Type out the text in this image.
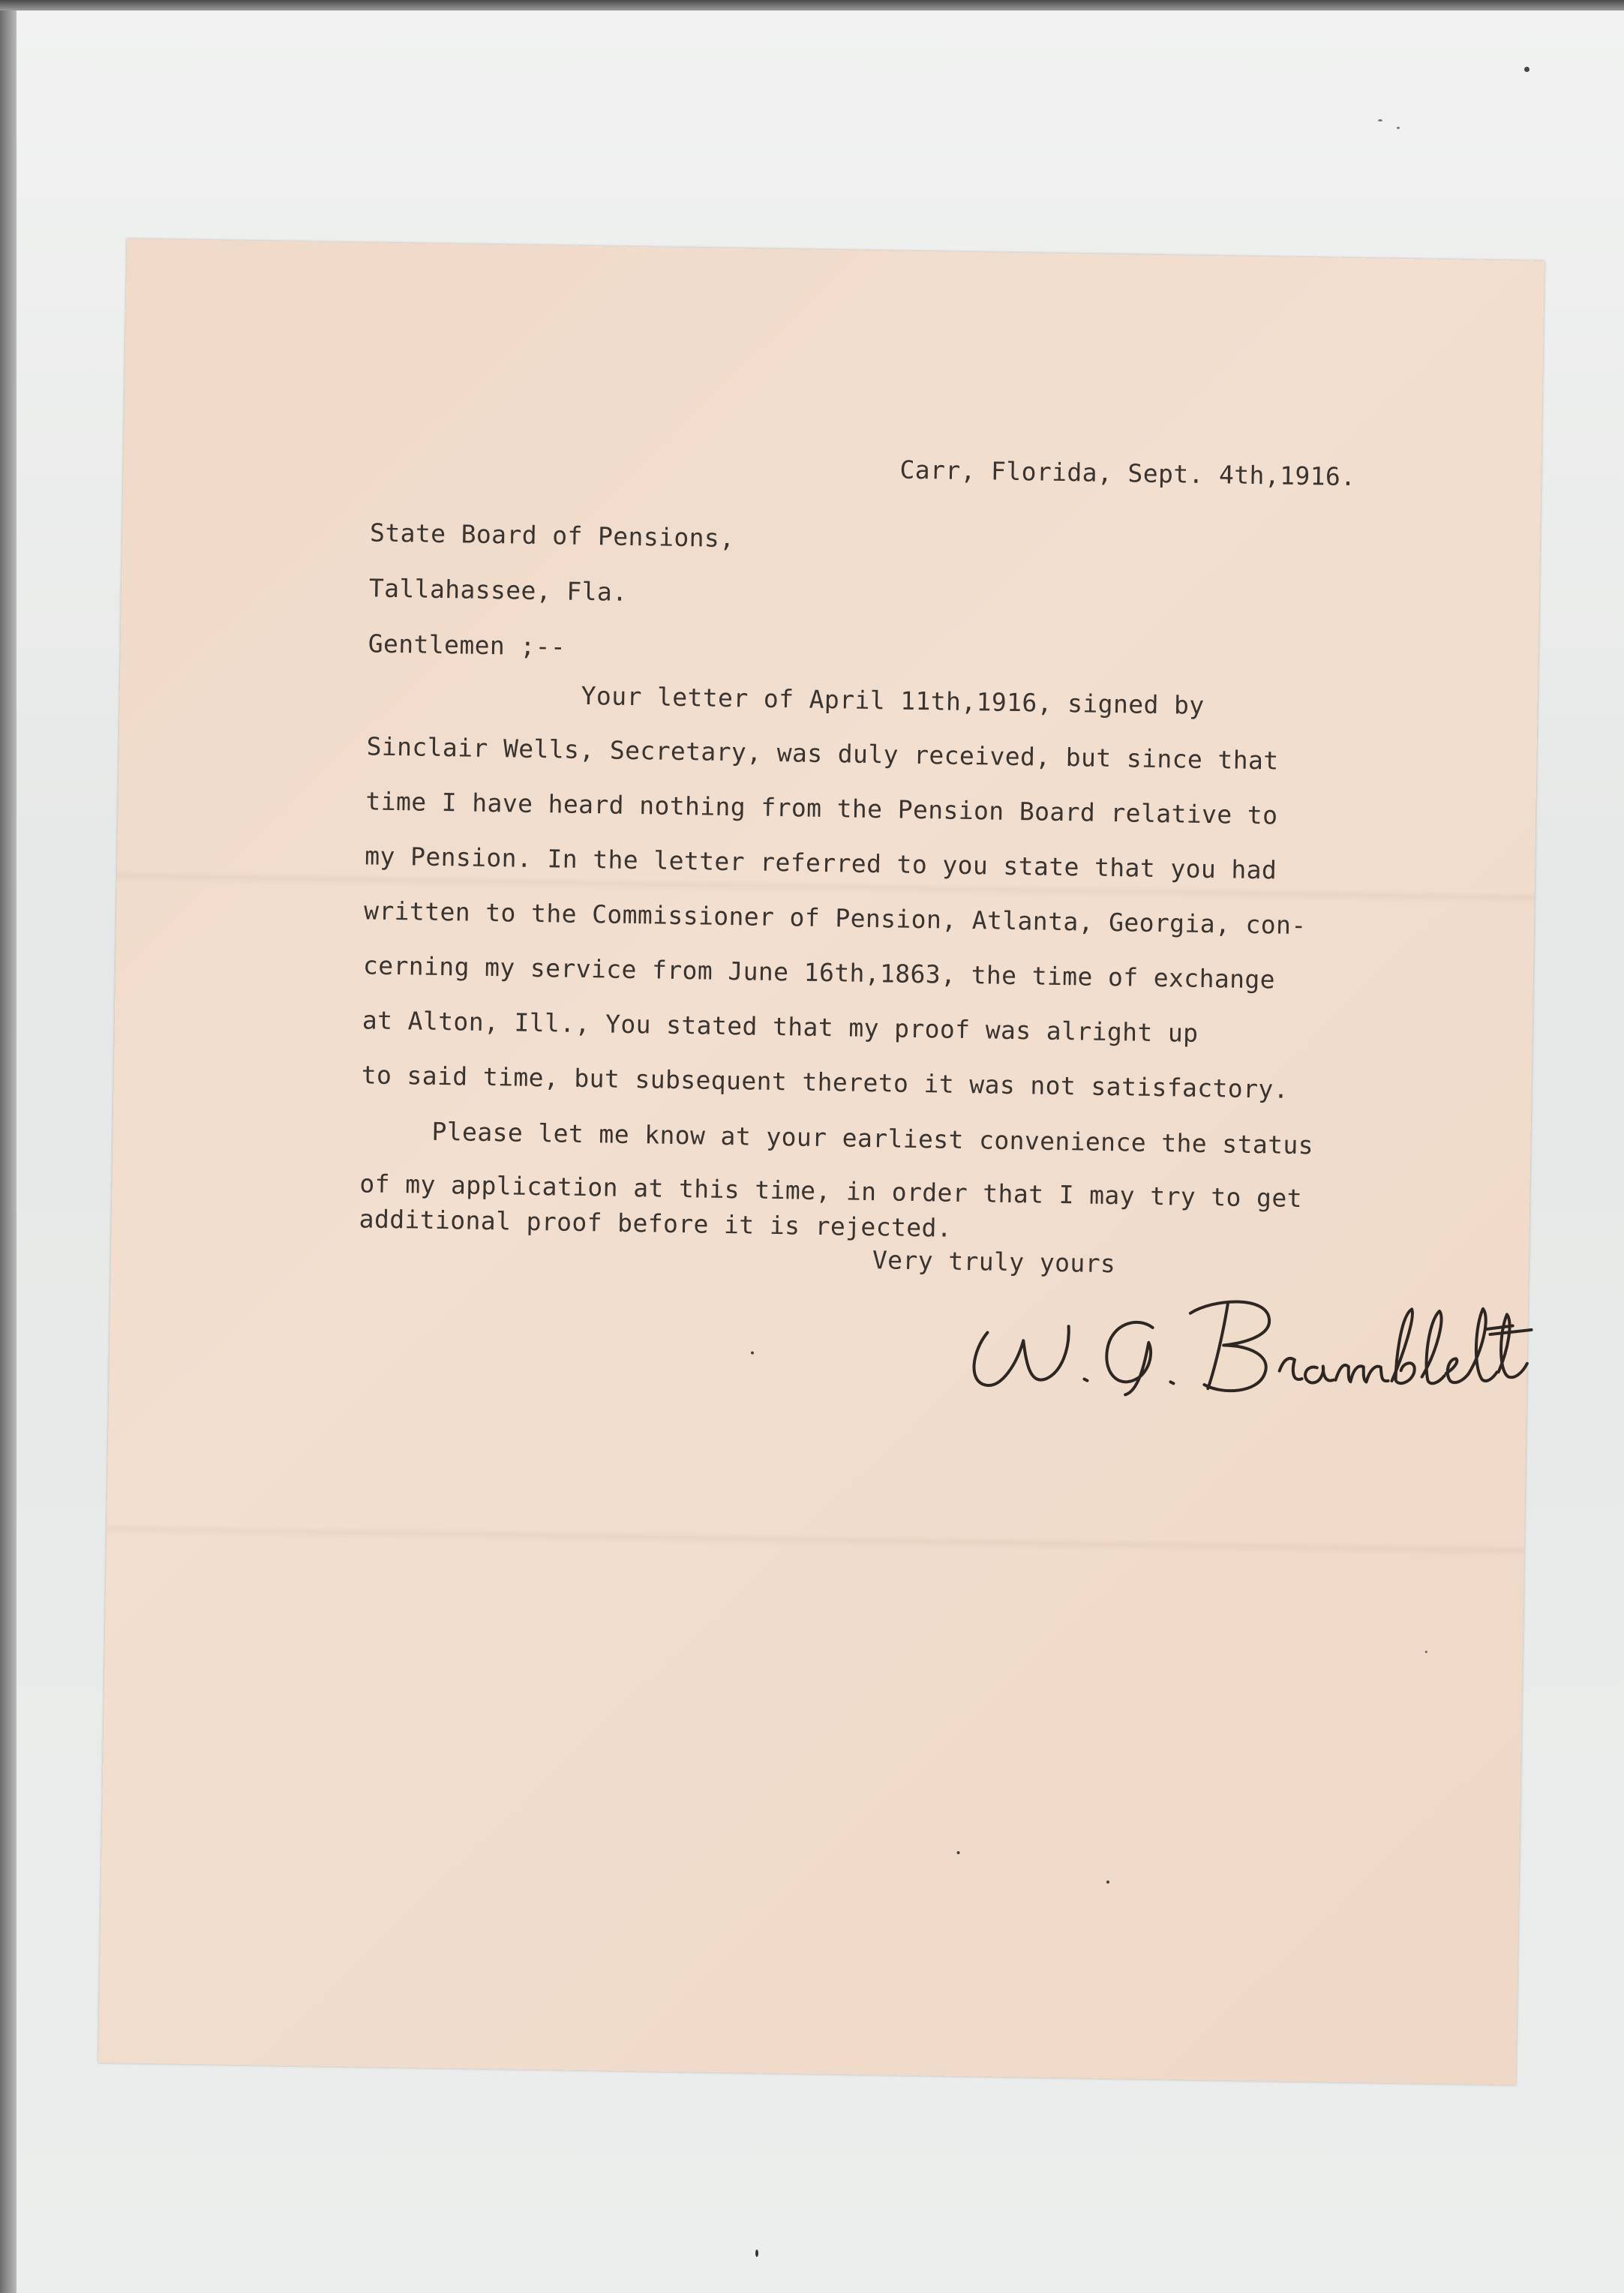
Carr, Florida, Sept. 4th,1916.
State Board of Pensions,
Tallahassee, Fla.
Gentlemen ;--
Your letter of April 11th,1916, signed by
Sinclair Wells, Secretary, was duly received, but since that
time I have heard nothing from the Pension Board relative to
my Pension. In the letter referred to you state that you had
written to the Commissioner of Pension, Atlanta, Georgia, con-
cerning my service from June 16th,1863, the time of exchange
at Alton, Ill., You stated that my proof was alright up
to said time, but subsequent thereto it was not satisfactory.
Please let me know at your earliest convenience the status
of my application at this time, in order that I may try to get
additional proof before it is rejected.
Very truly yours
